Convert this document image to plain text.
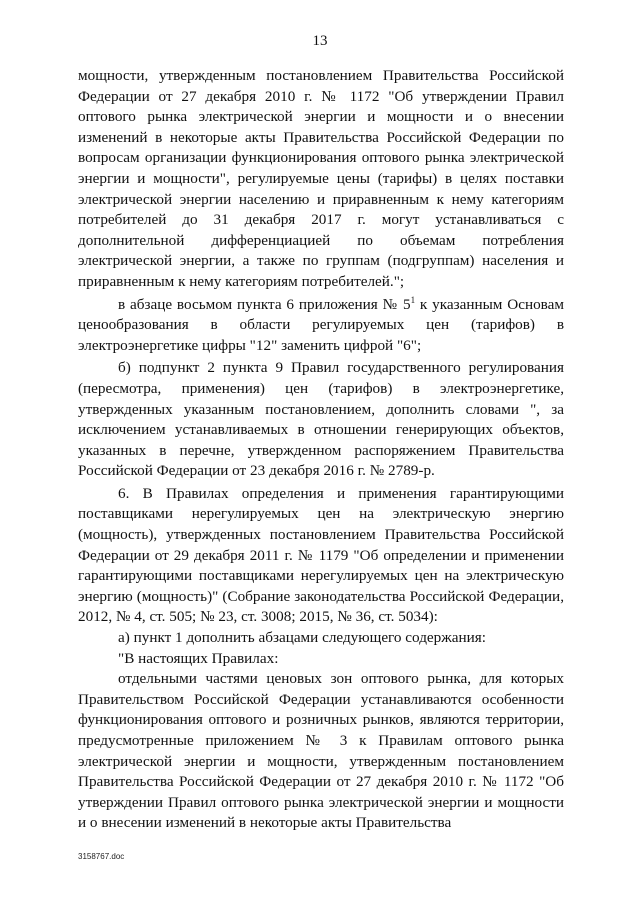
13

мощности, утвержденным постановлением Правительства Российской Федерации от 27 декабря 2010 г. № 1172 "Об утверждении Правил оптового рынка электрической энергии и мощности и о внесении изменений в некоторые акты Правительства Российской Федерации по вопросам организации функционирования оптового рынка электрической энергии и мощности", регулируемые цены (тарифы) в целях поставки электрической энергии населению и приравненным к нему категориям потребителей до 31 декабря 2017 г. могут устанавливаться с дополнительной дифференциацией по объемам потребления электрической энергии, а также по группам (подгруппам) населения и приравненным к нему категориям потребителей.";

в абзаце восьмом пункта 6 приложения № $5^1$ к указанным Основам ценообразования в области регулируемых цен (тарифов) в электроэнергетике цифры "12" заменить цифрой "6";

б) подпункт 2 пункта 9 Правил государственного регулирования (пересмотра, применения) цен (тарифов) в электроэнергетике, утвержденных указанным постановлением, дополнить словами ", за исключением устанавливаемых в отношении генерирующих объектов, указанных в перечне, утвержденном распоряжением Правительства Российской Федерации от 23 декабря 2016 г. № 2789-р.

6. В Правилах определения и применения гарантирующими поставщиками нерегулируемых цен на электрическую энергию (мощность), утвержденных постановлением Правительства Российской Федерации от 29 декабря 2011 г. № 1179 "Об определении и применении гарантирующими поставщиками нерегулируемых цен на электрическую энергию (мощность)" (Собрание законодательства Российской Федерации, 2012, № 4, ст. 505; № 23, ст. 3008; 2015, № 36, ст. 5034):

а) пункт 1 дополнить абзацами следующего содержания:

"В настоящих Правилах:

отдельными частями ценовых зон оптового рынка, для которых Правительством Российской Федерации устанавливаются особенности функционирования оптового и розничных рынков, являются территории, предусмотренные приложением № 3 к Правилам оптового рынка электрической энергии и мощности, утвержденным постановлением Правительства Российской Федерации от 27 декабря 2010 г. № 1172 "Об утверждении Правил оптового рынка электрической энергии и мощности и о внесении изменений в некоторые акты Правительства

3158767.doc
